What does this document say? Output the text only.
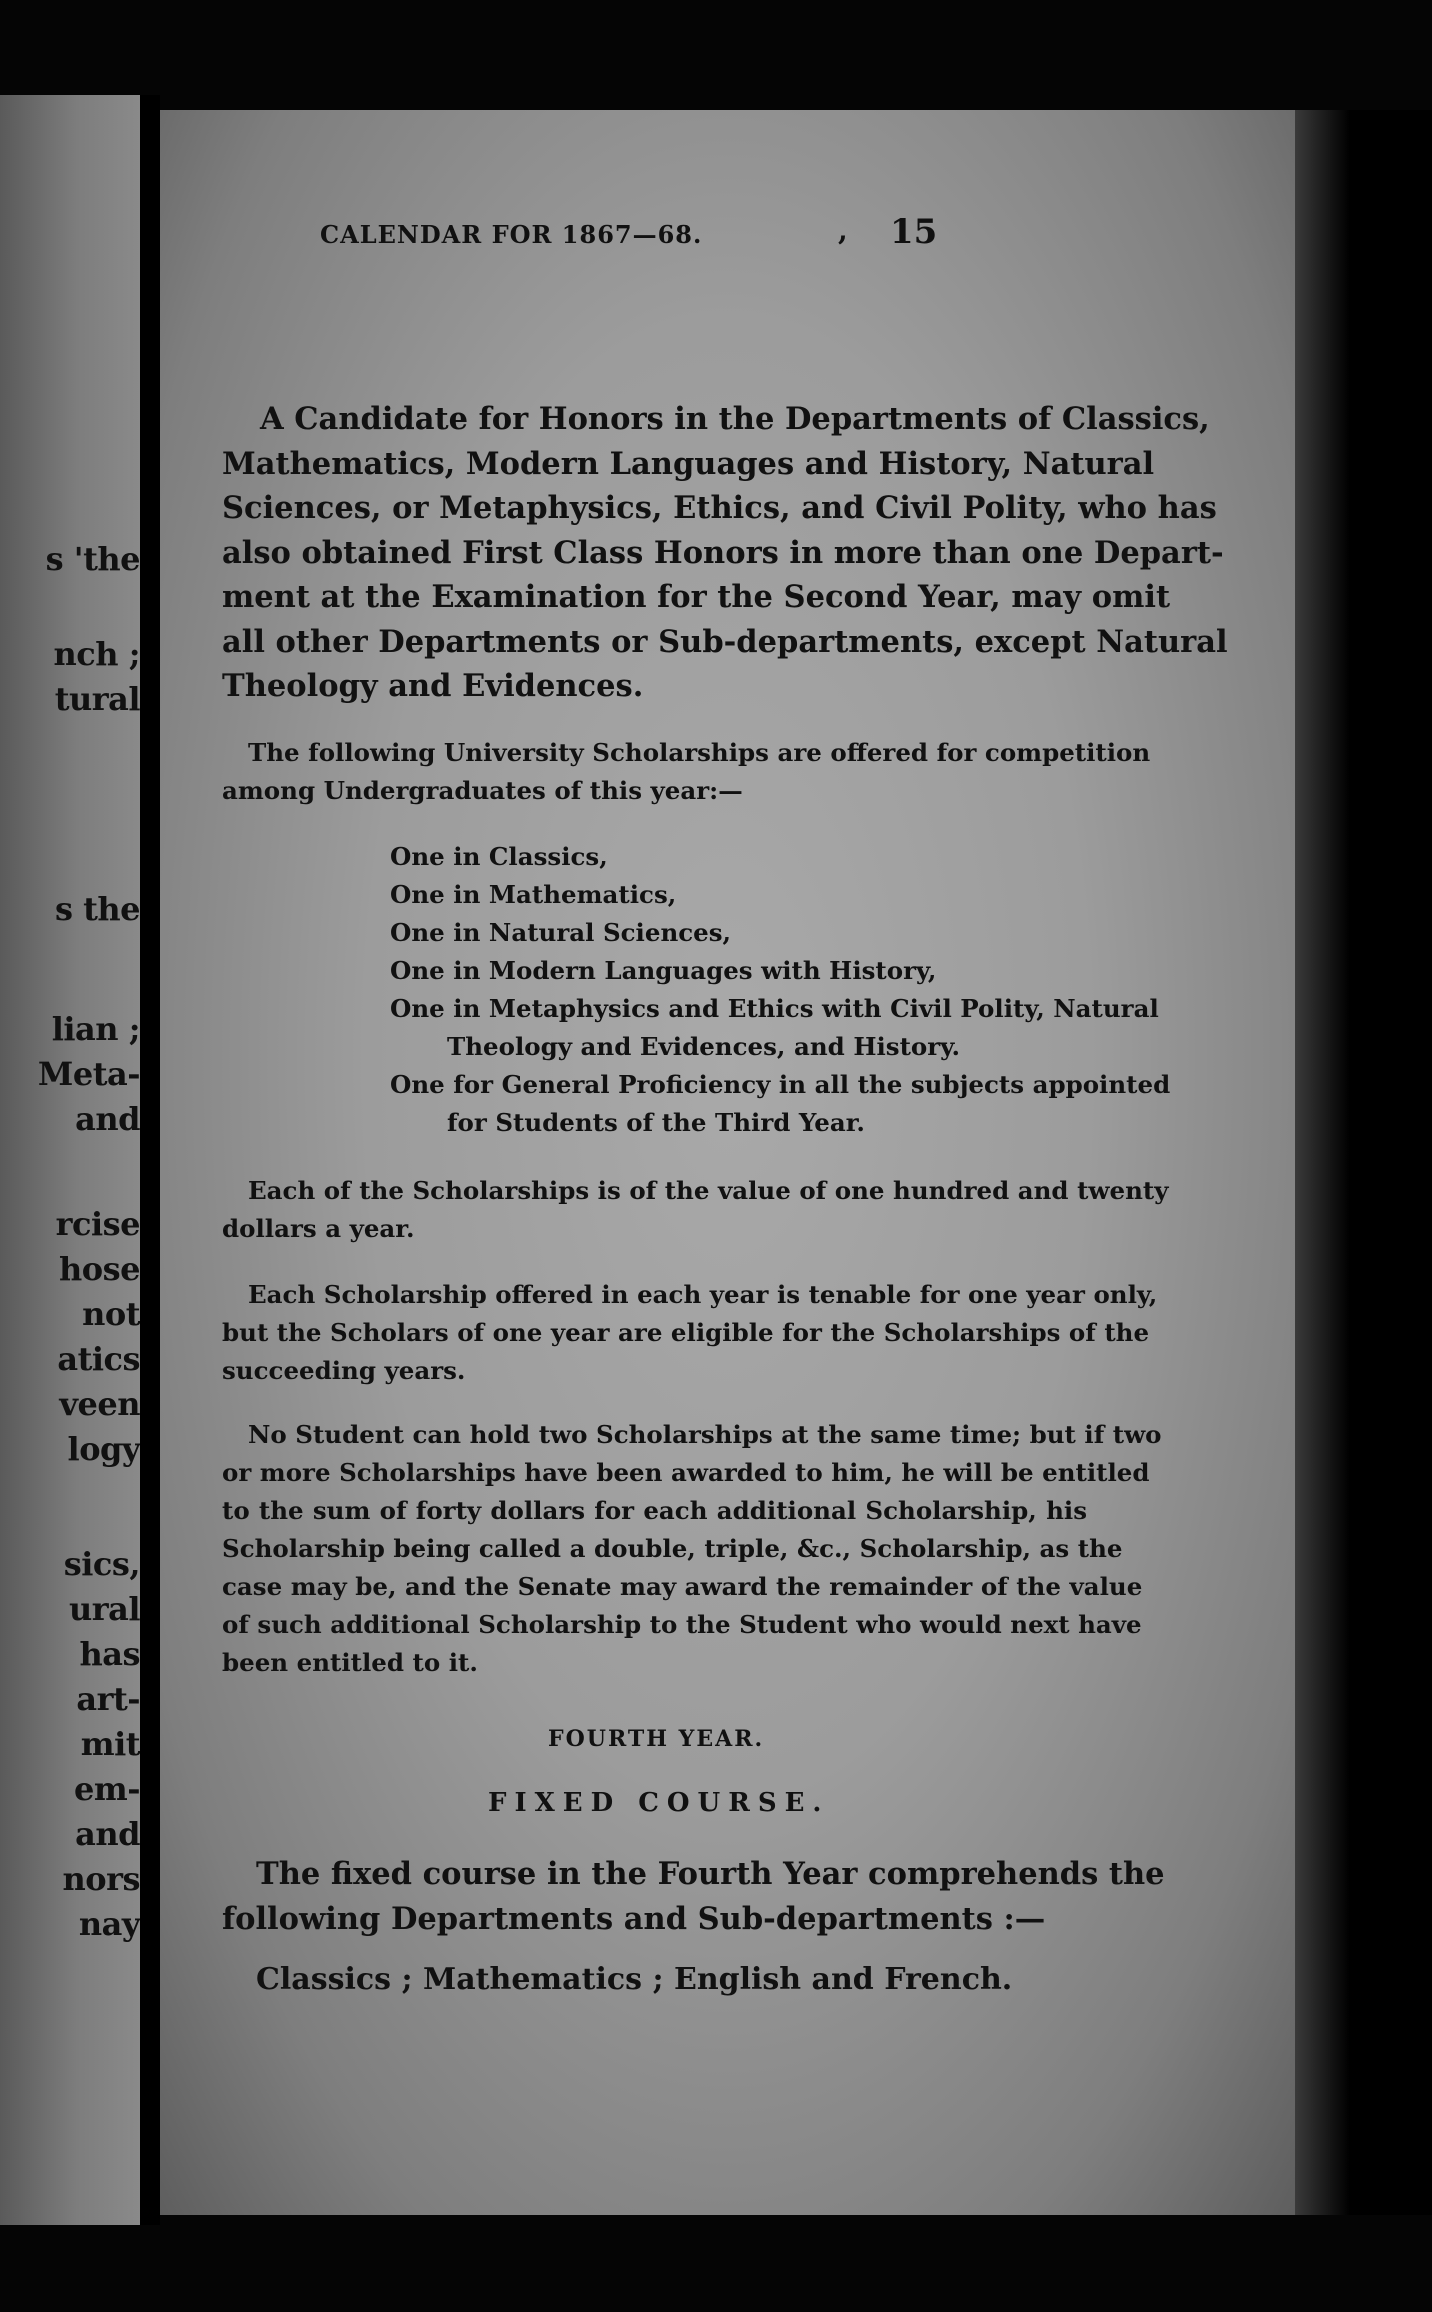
s 'the
nch ;
tural
s the
lian ;
Meta-
and
rcise
hose
not
atics
veen
logy
sics,
ural
has
art-
mit
em-
and
nors
nay
CALENDAR FOR 1867—68.	, 15
A Candidate for Honors in the Departments of Classics,
Mathematics, Modern Languages and History, Natural
Sciences, or Metaphysics, Ethics, and Civil Polity, who has
also obtained First Class Honors in more than one Depart-
ment at the Examination for the Second Year, may omit
all other Departments or Sub-departments, except Natural
Theology and Evidences.
The following University Scholarships are offered for competition
among Undergraduates of this year:—
One in Classics,
One in Mathematics,
One in Natural Sciences,
One in Modern Languages with History,
One in Metaphysics and Ethics with Civil Polity, Natural
Theology and Evidences, and History.
One for General Proficiency in all the subjects appointed
for Students of the Third Year.
Each of the Scholarships is of the value of one hundred and twenty
dollars a year.
Each Scholarship offered in each year is tenable for one year only,
but the Scholars of one year are eligible for the Scholarships of the
succeeding years.
No Student can hold two Scholarships at the same time; but if two
or more Scholarships have been awarded to him, he will be entitled
to the sum of forty dollars for each additional Scholarship, his
Scholarship being called a double, triple, &c., Scholarship, as the
case may be, and the Senate may award the remainder of the value
of such additional Scholarship to the Student who would next have
been entitled to it.
FOURTH YEAR.
FIXED COURSE.
The fixed course in the Fourth Year comprehends the
following Departments and Sub-departments :—
Classics ; Mathematics ; English and French.
